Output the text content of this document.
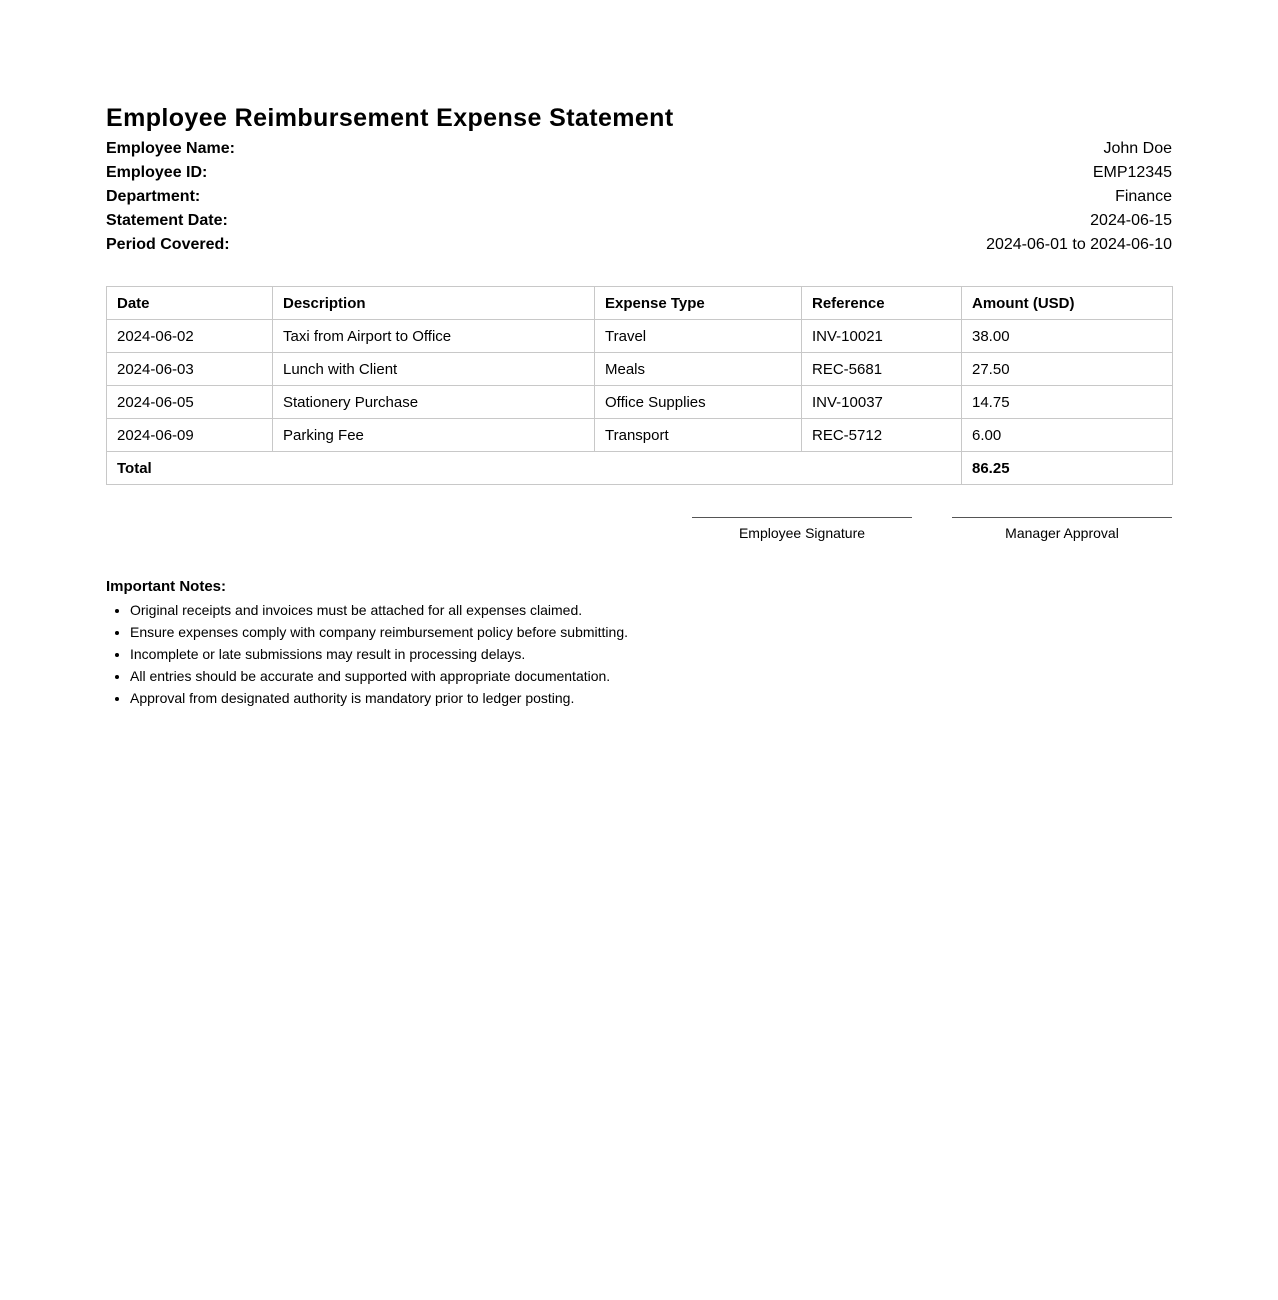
Employee Reimbursement Expense Statement
Employee Name:	John Doe
Employee ID:	EMP12345
Department:	Finance
Statement Date:	2024-06-15
Period Covered:	2024-06-01 to 2024-06-10
Date	Description	Expense Type	Reference	Amount (USD)
2024-06-02	Taxi from Airport to Office	Travel	INV-10021	38.00
2024-06-03	Lunch with Client	Meals	REC-5681	27.50
2024-06-05	Stationery Purchase	Office Supplies	INV-10037	14.75
2024-06-09	Parking Fee	Transport	REC-5712	6.00
Total				86.25
Employee Signature	Manager Approval
Important Notes:
• Original receipts and invoices must be attached for all expenses claimed.
• Ensure expenses comply with company reimbursement policy before submitting.
• Incomplete or late submissions may result in processing delays.
• All entries should be accurate and supported with appropriate documentation.
• Approval from designated authority is mandatory prior to ledger posting.
